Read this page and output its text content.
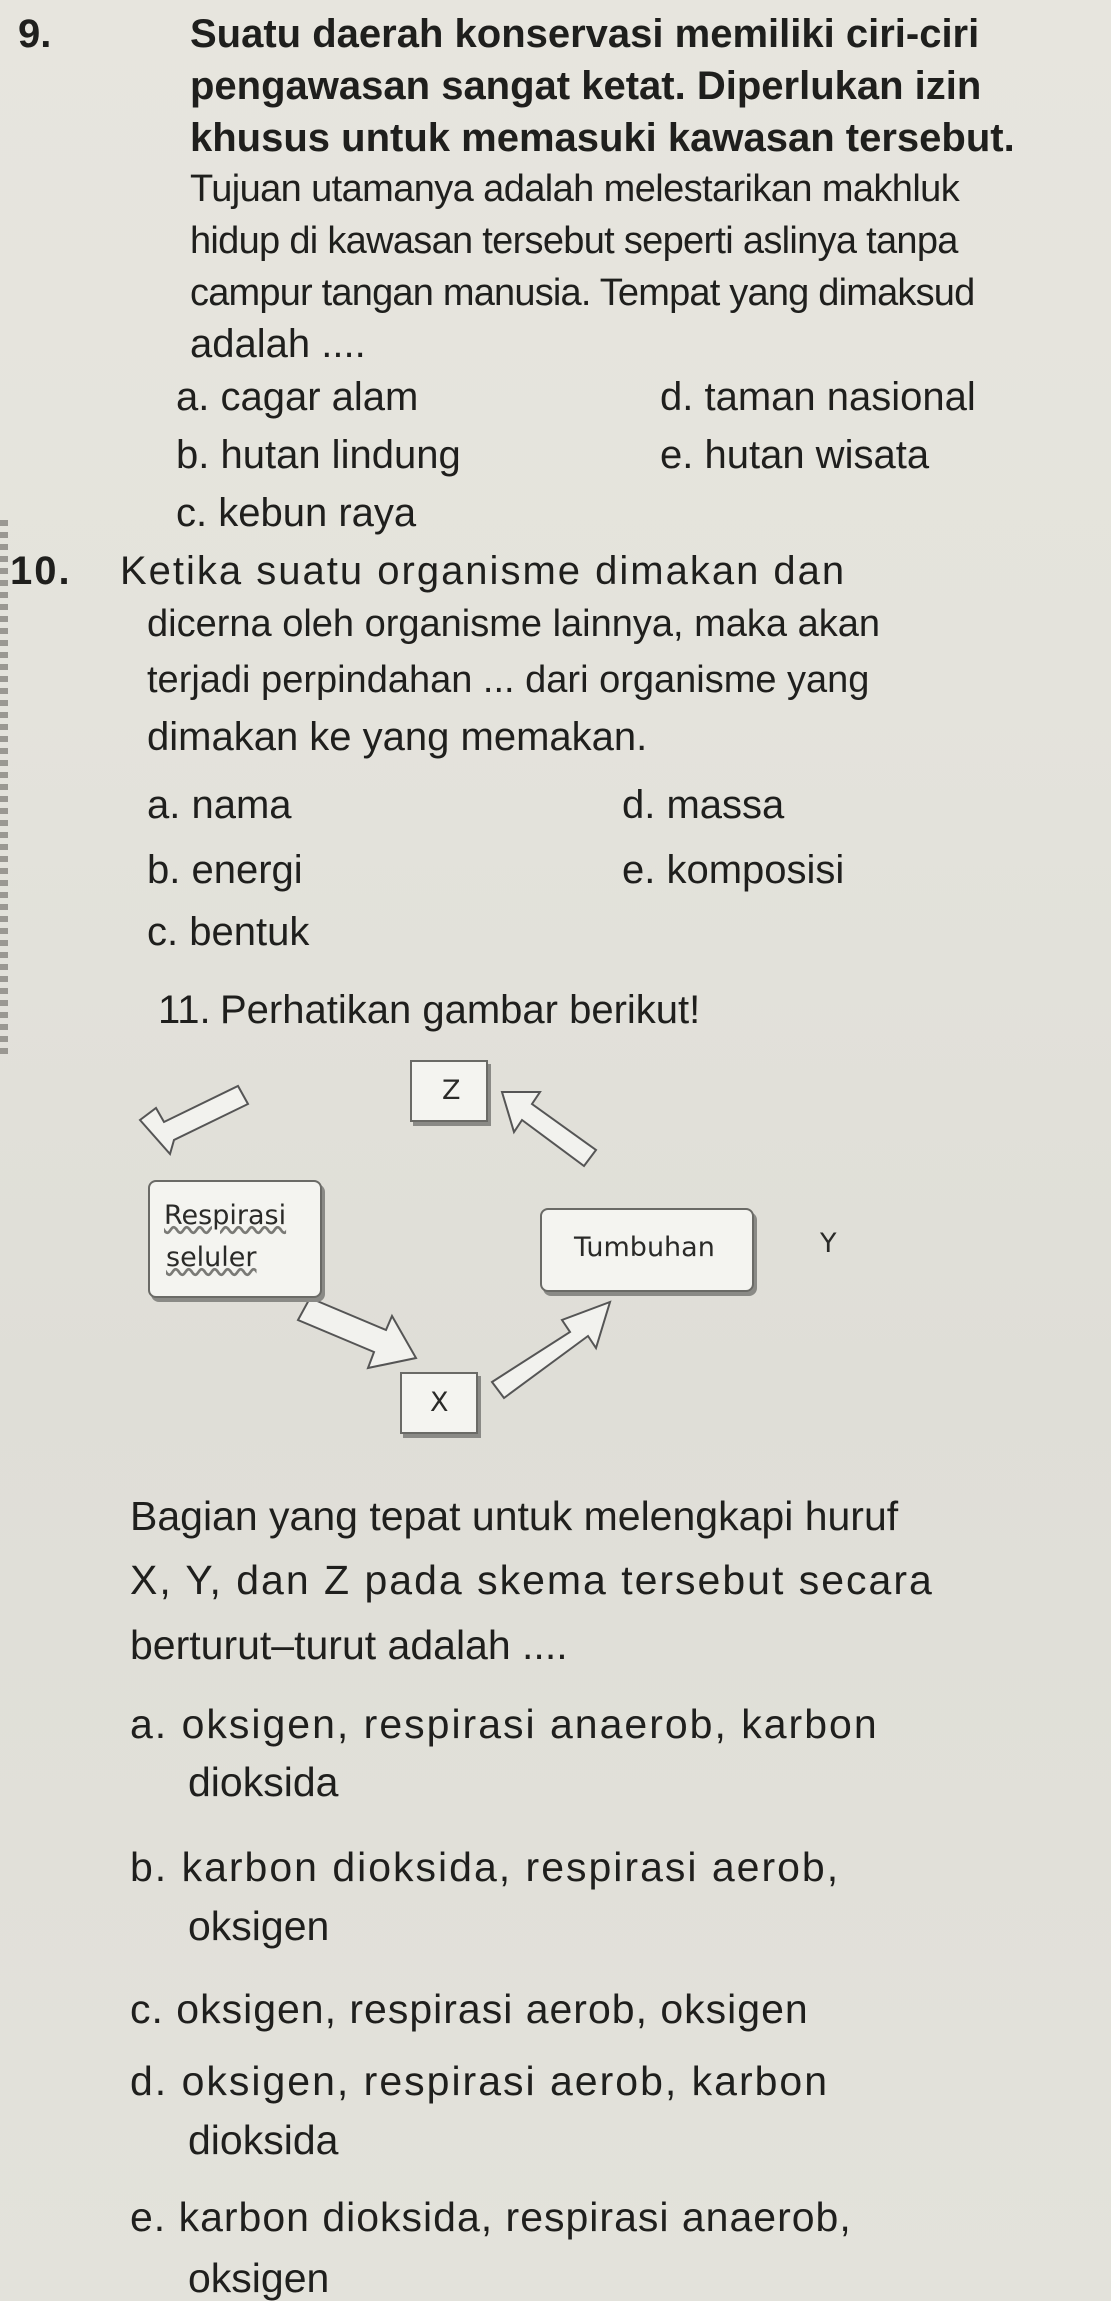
9.	Suatu daerah konservasi memiliki ciri-ciri
pengawasan sangat ketat. Diperlukan izin
khusus untuk memasuki kawasan tersebut.
Tujuan utamanya adalah melestarikan makhluk
hidup di kawasan tersebut seperti aslinya tanpa
campur tangan manusia. Tempat yang dimaksud
adalah ....
a. cagar alam	d. taman nasional
b. hutan lindung	e. hutan wisata
c. kebun raya
10. Ketika suatu organisme dimakan dan
dicerna oleh organisme lainnya, maka akan
terjadi perpindahan ... dari organisme yang
dimakan ke yang memakan.
a. nama	d. massa
b. energi	e. komposisi
c. bentuk
11. Perhatikan gambar berikut!
Z
Respirasi
seluler	Tumbuhan	Y
X
Bagian yang tepat untuk melengkapi huruf
X, Y, dan Z pada skema tersebut secara
berturut–turut adalah ....
a. oksigen, respirasi anaerob, karbon
dioksida
b. karbon dioksida, respirasi aerob,
oksigen
c. oksigen, respirasi aerob, oksigen
d. oksigen, respirasi aerob, karbon
dioksida
e. karbon dioksida, respirasi anaerob,
oksigen
